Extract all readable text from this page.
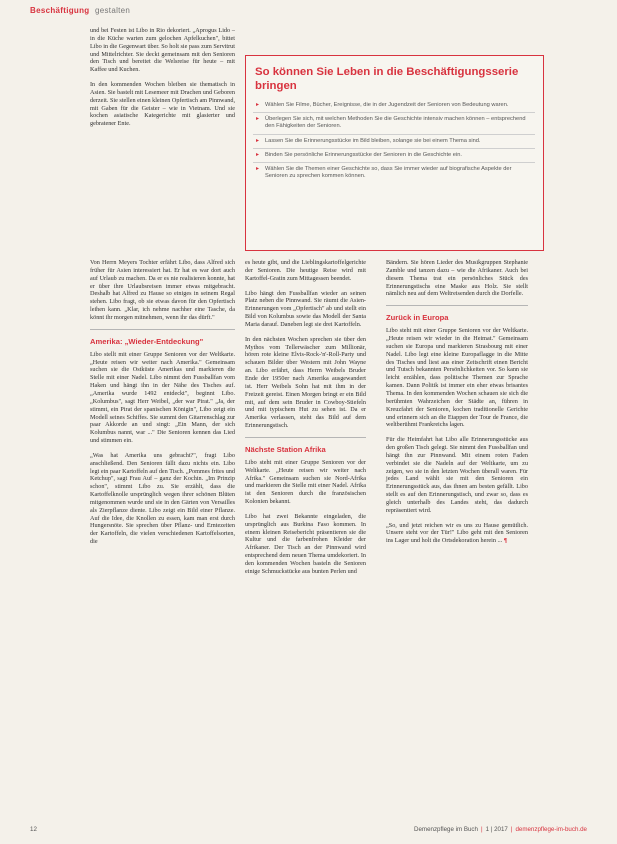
Beschäftigung gestalten

und bei Festen ist Libo in Rio dekoriert. „Aprogus Lido – in die Küche warten zum gelochen Apfelkuchen", bittet Libo in die Gegenwart über. So holt sie pass zum Servitrut und Mittelrichter. Sie deckt gemeinsam mit den Senioren den Tisch und bereitet die Welsreise für heute – mit Kaffee und Kuchen.

In den kommenden Wochen bleiben sie thematisch in Asien. Sie bastelt mit Lesemeer mit Drachen und Geboren derzeit. Sie stellen einen kleinen Opfertisch am Pinnwand, mit Gaben für die Geister – wie in Vietnam. Und sie kochen asiatische Kategerichte mit glasierter und gebratener Ente.

So können Sie Leben in die Beschäftigungsserie bringen
▸ Wählen Sie Filme, Bücher, Ereignisse, die in der Jugendzeit der Senioren von Bedeutung waren.
▸ Überlegen Sie sich, mit welchen Methoden Sie die Geschichte intensiv machen können – entsprechend den Fähigkeiten der Senioren.
▸ Lassen Sie die Erinnerungsstücke im Bild bleiben, solange sie bei einem Thema sind.
▸ Binden Sie persönliche Erinnerungsstücke der Senioren in die Geschichte ein.
▸ Wählen Sie die Themen einer Geschichte so, dass Sie immer wieder auf biografische Aspekte der Senioren zu sprechen kommen können.

Von Herrn Meyers Tochter erfährt Libo, dass Alfred sich früher für Asien interessiert hat. Er hat es war dort auch auf Urlaub zu machen. Da er es nie realisieren konnte, hat er über ihre Urlaubsreisen immer etwas mitgebracht. Deshalb hat Alfred zu Hause so einiges in seinem Regal stehen. Libo fragt, ob sie etwas davon für den Opfertisch leihen kann. „Klar, ich nehme nachher eine Tasche, da könnt ihr morgen mitnehmen, wenn ihr das dürft."

Amerika: „Wieder-Entdeckung"

Libo stellt mit einer Gruppe Senioren vor der Weltkarte. „Heute reisen wir weiter nach Amerika." Gemeinsam suchen sie die Ostküste Amerikas und markieren die Stelle mit einer Nadel. Libo nimmt den Fussballfan vom Haken und hängt ihn in der Nähe des Tisches auf. „Amerika wurde 1492 entdeckt", beginnt Libo. „Kolumbus", sagt Herr Weibel, „der war Pirat." „Ja, der stimmt, ein Pirat der spanischen Königin", Libo zeigt ein Modell seines Schiffes. Sie summt den Gitarrenschlag zur paar Akkorde an und singt: „Ein Mann, der sich Kolumbus nannt, war ..." Die Senioren kennen das Lied und stimmen ein.

„Was hat Amerika uns gebracht?", fragt Libo anschließend. Den Senioren fällt dazu nichts ein. Libo legt ein paar Kartoffeln auf den Tisch. „Pommes frites und Ketchup", sagt Frau Auf – ganz der Kochin. „Im Prinzip schon", stimmt Libo zu. Sie erzählt, dass die Kartoffelknolle ursprünglich wegen ihrer schönen Blüten mitgenommen wurde und sie in den Gärten von Versailles als Zierpflanze diente. Libo zeigt ein Bild einer Pflanze. Auf die Idee, die Knollen zu essen, kam man erst durch Hungersnöte. Sie sprechen über Pflanz- und Erntezeiten der Kartoffeln, die vielen verschiedenen Kartoffelsorten, die

es heute gibt, und die Lieblingskartoffelgerichte der Senioren. Die heutige Reise wird mit Kartoffel-Gratin zum Mittagessen beendet.

Libo hängt den Fussballfan wieder an seinen Platz neben die Pinnwand. Sie räumt die Asien-Erinnerungen vom „Opfertisch" ab und stellt ein Bild von Kolumbus sowie das Modell der Santa Maria darauf. Daneben legt sie drei Kartoffeln.

In den nächsten Wochen sprechen sie über den Mythos vom Tellerwäscher zum Millionär, hören rote kleine Elvis-Rock-'n'-Roll-Party und schauen Bilder über Western mit John Wayne an. Libo erfährt, dass Herrn Weibels Bruder Ende der 1950er nach Amerika ausgewandert ist. Herr Weibels Sohn hat mit ihm in der Freizeit gereist. Einen Morgen bringt er ein Bild mit, auf dem sein Bruder in Cowboy-Stiefeln und mit typischem Hut zu sehen ist. Da er Amerika verlassen, steht das Bild auf dem Erinnerungstisch.

Nächste Station Afrika

Libo steht mit einer Gruppe Senioren vor der Weltkarte. „Heute reisen wir weiter nach Afrika." Gemeinsam suchen sie Nord-Afrika und markieren die Stelle mit einer Nadel. Afrika ist den Senioren durch die französischen Kolonien bekannt.

Libo hat zwei Bekannte eingeladen, die ursprünglich aus Burkina Faso kommen. In einem kleinen Reisebericht präsentieren sie die Kultur und die farbenfrohen Kleider der Afrikaner. Der Tisch an der Pinnwand wird entsprechend dem neuen Thema umdekoriert. In den kommenden Wochen basteln die Senioren einige Schmuckstücke aus bunten Perlen und

Bändern. Sie hören Lieder des Musikgruppen Stephanie Zamble und tanzen dazu – wie die Afrikaner. Auch bei diesem Thema trat ein persönliches Stück des Erinnerungstischs eine Maske aus Holz. Sie stellt nämlich neu auf dem Weltreisenden durch die Dorfelle.

Zurück in Europa

Libo steht mit einer Gruppe Senioren vor der Weltkarte. „Heute reisen wir wieder in die Heimat." Gemeinsam suchen sie Europa und markieren Strasbourg mit einer Nadel. Libo legt eine kleine Europaflagge in die Mitte des Tisches und liest aus einer Zeitschrift einen Bericht und Tutsch bekannten Persönlichkeiten vor. So kann sie leicht erzählen, dass politische Themen zur Sprache kamen. Dann Politik ist immer ein eher etwas brisantes Thema. In den kommenden Wochen schauen sie sich die berühmten Wahrzeichen der Städte an, führen in Kreuzfahrt der Senioren, kochen traditionelle Gerichte und erinnern sich an die Etappen der Tour de France, die weltberühmt Frankreichs lagen.

Für die Heimfahrt hat Libo alle Erinnerungsstücke aus den großen Tisch gelegt. Sie nimmt den Fussballfan und hängt ihn zur Pinnwand. Mit einem roten Faden verbindet sie die Nadeln auf der Weltkarte, um zu zeigen, wo sie in den letzten Wochen überall waren. Für jedes Land wählt sie mit den Senioren ein Erinnerungsstück aus, das ihnen am besten gefällt. Libo stellt es auf den Erinnerungstisch, und zwar so, dass es gleich unterhalb des Landes steht, das dadurch repräsentiert wird.

„So, und jetzt reichen wir es uns zu Hause gemütlich. Unsere steht vor der Tür!" Libo geht mit den Senioren ins Lager und holt die Ortsdekoration herein ... ¶

12	Demenzpflege im Buch | 1 | 2017 | demenzpflege-im-buch.de
